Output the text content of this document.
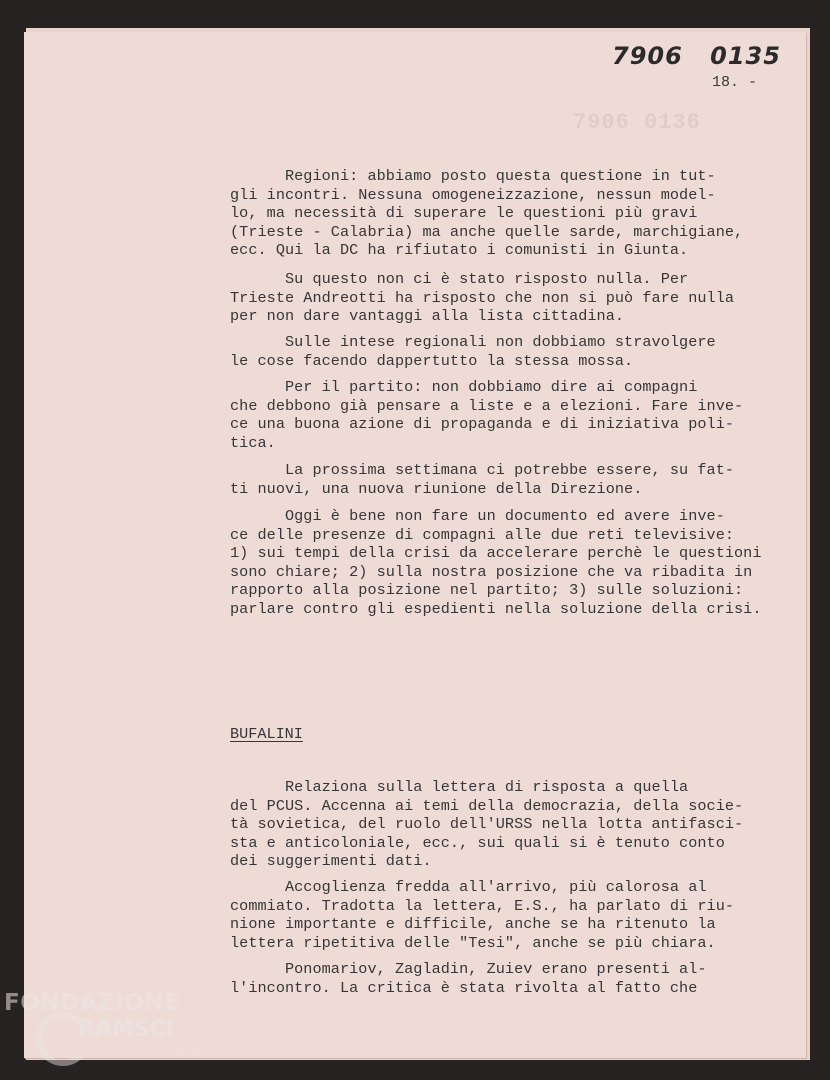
7906 0136
7906 0135
18. -
Regioni: abbiamo posto questa questione in tut-
gli incontri. Nessuna omogeneizzazione, nessun model-
lo, ma necessità di superare le questioni più gravi
(Trieste - Calabria) ma anche quelle sarde, marchigiane,
ecc. Qui la DC ha rifiutato i comunisti in Giunta.
Su questo non ci è stato risposto nulla. Per
Trieste Andreotti ha risposto che non si può fare nulla
per non dare vantaggi alla lista cittadina.
Sulle intese regionali non dobbiamo stravolgere
le cose facendo dappertutto la stessa mossa.
Per il partito: non dobbiamo dire ai compagni
che debbono già pensare a liste e a elezioni. Fare inve-
ce una buona azione di propaganda e di iniziativa poli-
tica.
La prossima settimana ci potrebbe essere, su fat-
ti nuovi, una nuova riunione della Direzione.
Oggi è bene non fare un documento ed avere inve-
ce delle presenze di compagni alle due reti televisive:
1) sui tempi della crisi da accelerare perchè le questioni
sono chiare; 2) sulla nostra posizione che va ribadita in
rapporto alla posizione nel partito; 3) sulle soluzioni:
parlare contro gli espedienti nella soluzione della crisi.
BUFALINI
Relaziona sulla lettera di risposta a quella
del PCUS. Accenna ai temi della democrazia, della socie-
tà sovietica, del ruolo dell'URSS nella lotta antifasci-
sta e anticoloniale, ecc., sui quali si è tenuto conto
dei suggerimenti dati.
Accoglienza fredda all'arrivo, più calorosa al
commiato. Tradotta la lettera, E.S., ha parlato di riu-
nione importante e difficile, anche se ha ritenuto la
lettera ripetitiva delle "Tesi", anche se più chiara.
Ponomariov, Zagladin, Zuiev erano presenti al-
l'incontro. La critica è stata rivolta al fatto che
FONDAZIONE
RAMSCI
onlus
